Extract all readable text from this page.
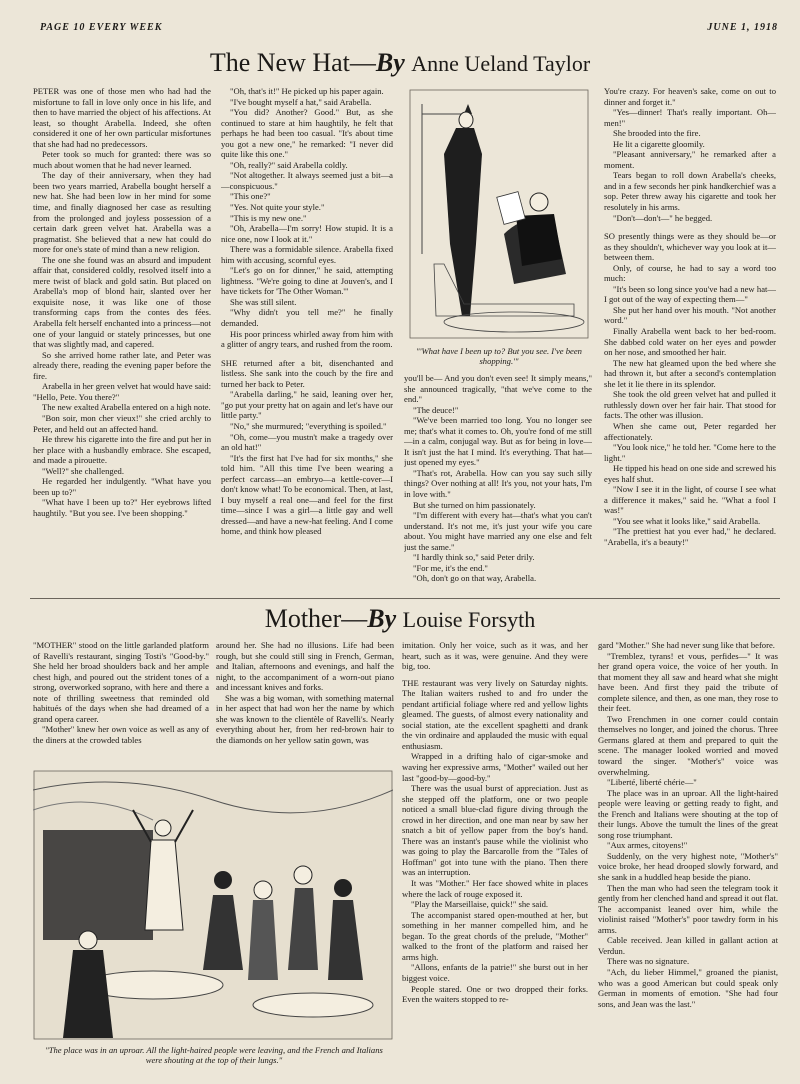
PAGE 10 EVERY WEEK	JUNE 1, 1918
The New Hat—By Anne Ueland Taylor

PETER was one of those men who had had the misfortune to fall in love only once in his life, and then to have married the object of his affections. At least, so thought Arabella. Indeed, she often considered it one of her own particular misfortunes that she had had no predecessors.

Peter took so much for granted: there was so much about women that he had never learned.

The day of their anniversary, when they had been two years married, Arabella bought herself a new hat. She had been low in her mind for some time, and finally diagnosed her case as resulting from the prolonged and joyless possession of a certain dark green velvet hat. Arabella was a pragmatist. She believed that a new hat could do more for one's state of mind than a new religion.

The one she found was an absurd and impudent affair that, considered coldly, resolved itself into a mere twist of black and gold satin. But placed on Arabella's mop of blond hair, slanted over her exquisite nose, it was like one of those transforming caps from the contes des fées. Arabella felt herself enchanted into a princess—not one of your languid or stately princesses, but one that was slightly mad, and capered.

So she arrived home rather late, and Peter was already there, reading the evening paper before the fire.

Arabella in her green velvet hat would have said: "Hello, Pete. You there?"

The new exalted Arabella entered on a high note.

"Bon soir, mon cher vieux!" she cried archly to Peter, and held out an affected hand.

He threw his cigarette into the fire and put her in her place with a husbandly embrace. She escaped, and made a pirouette.

"Well?" she challenged.

He regarded her indulgently. "What have you been up to?"

"What have I been up to?" Her eyebrows lifted haughtily. "But you see. I've been shopping."

"Oh, that's it!" He picked up his paper again.

"I've bought myself a hat," said Arabella.

"You did? Another? Good." But, as she continued to stare at him haughtily, he felt that perhaps he had been too casual. "It's about time you got a new one," he remarked: "I never did quite like this one."

"Oh, really?" said Arabella coldly.

"Not altogether. It always seemed just a bit—a—conspicuous."

"This one?"

"Yes. Not quite your style."

"This is my new one."

"Oh, Arabella—I'm sorry! How stupid. It is a nice one, now I look at it."

There was a formidable silence. Arabella fixed him with accusing, scornful eyes.

"Let's go on for dinner," he said, attempting lightness. "We're going to dine at Jouven's, and I have tickets for 'The Other Woman.'"

She was still silent.

"Why didn't you tell me?" he finally demanded.

His poor princess whirled away from him with a glitter of angry tears, and rushed from the room.

SHE returned after a bit, disenchanted and listless. She sank into the couch by the fire and turned her back to Peter.

"Arabella darling," he said, leaning over her, "go put your pretty hat on again and let's have our little party."

"No," she murmured; "everything is spoiled."

"Oh, come—you mustn't make a tragedy over an old hat!"

"It's the first hat I've had for six months," she told him. "All this time I've been wearing a perfect carcass—an embryo—a kettle-cover—I don't know what! To be economical. Then, at last, I buy myself a real one—and feel for the first time—since I was a girl—a little gay and well dressed—and have a new-hat feeling. And I come home, and think how pleased

"'What have I been up to? But you see. I've been shopping.'"

you'll be— And you don't even see! It simply means," she announced tragically, "that we've come to the end."

"The deuce!"

"We've been married too long. You no longer see me; that's what it comes to. Oh, you're fond of me still—in a calm, conjugal way. But as for being in love—It isn't just the hat I mind. It's everything. That hat—just opened my eyes."

"That's rot, Arabella. How can you say such silly things? Over nothing at all! It's you, not your hats, I'm in love with."

But she turned on him passionately.

"I'm different with every hat—that's what you can't understand. It's not me, it's just your wife you care about. You might have married any one else and felt just the same."

"I hardly think so," said Peter drily.

"For me, it's the end."

"Oh, don't go on that way, Arabella.

You're crazy. For heaven's sake, come on out to dinner and forget it."

"Yes—dinner! That's really important. Oh—men!"

She brooded into the fire.

He lit a cigarette gloomily.

"Pleasant anniversary," he remarked after a moment.

Tears began to roll down Arabella's cheeks, and in a few seconds her pink handkerchief was a sop. Peter threw away his cigarette and took her resolutely in his arms.

"Don't—don't—" he begged.

SO presently things were as they should be—or as they shouldn't, whichever way you look at it—between them.

Only, of course, he had to say a word too much:

"It's been so long since you've had a new hat—I got out of the way of expecting them—"

She put her hand over his mouth. "Not another word."

Finally Arabella went back to her bed-room. She dabbed cold water on her eyes and powder on her nose, and smoothed her hair.

The new hat gleamed upon the bed where she had thrown it, but after a second's contemplation she let it lie there in its splendor.

She took the old green velvet hat and pulled it ruthlessly down over her fair hair. That stood for facts. The other was illusion.

When she came out, Peter regarded her affectionately.

"You look nice," he told her. "Come here to the light."

He tipped his head on one side and screwed his eyes half shut.

"Now I see it in the light, of course I see what a difference it makes," said he. "What a fool I was!"

"You see what it looks like," said Arabella.

"The prettiest hat you ever had," he declared. "Arabella, it's a beauty!"

Mother—By Louise Forsyth

"MOTHER" stood on the little garlanded platform of Ravelli's restaurant, singing Tosti's "Good-by." She held her broad shoulders back and her ample chest high, and poured out the strident tones of a strong, overworked soprano, with here and there a note of thrilling sweetness that reminded old habitués of the days when she had dreamed of a grand opera career.

"Mother" knew her own voice as well as any of the diners at the crowded tables

around her. She had no illusions. Life had been rough, but she could still sing in French, German, and Italian, afternoons and evenings, and half the night, to the accompaniment of a worn-out piano and incessant knives and forks.

She was a big woman, with something maternal in her aspect that had won her the name by which she was known to the clientèle of Ravelli's. Nearly everything about her, from her red-brown hair to the diamonds on her yellow satin gown, was

"The place was in an uproar. All the light-haired people were leaving, and the French and Italians were shouting at the top of their lungs."

imitation. Only her voice, such as it was, and her heart, such as it was, were genuine. And they were big, too.

THE restaurant was very lively on Saturday nights. The Italian waiters rushed to and fro under the pendant artificial foliage where red and yellow lights gleamed. The guests, of almost every nationality and social station, ate the excellent spaghetti and drank the vin ordinaire and applauded the music with equal enthusiasm.

Wrapped in a drifting halo of cigar-smoke and waving her expressive arms, "Mother" wailed out her last "good-by—good-by."

There was the usual burst of appreciation. Just as she stepped off the platform, one or two people noticed a small blue-clad figure diving through the crowd in her direction, and one man near by saw her snatch a bit of yellow paper from the boy's hand. There was an instant's pause while the violinist who was going to play the Barcarolle from the "Tales of Hoffman" got into tune with the piano. Then there was an interruption.

It was "Mother." Her face showed white in places where the lack of rouge exposed it.

"Play the Marseillaise, quick!" she said.

The accompanist stared open-mouthed at her, but something in her manner compelled him, and he began. To the great chords of the prelude, "Mother" walked to the front of the platform and raised her arms high.

"Allons, enfants de la patrie!" she burst out in her biggest voice.

People stared. One or two dropped their forks. Even the waiters stopped to re-

gard "Mother." She had never sung like that before.

"Tremblez, tyrans! et vous, perfides—" It was her grand opera voice, the voice of her youth. In that moment they all saw and heard what she might have been. And first they paid the tribute of complete silence, and then, as one man, they rose to their feet.

Two Frenchmen in one corner could contain themselves no longer, and joined the chorus. Three Germans glared at them and prepared to quit the scene. The manager looked worried and moved toward the singer. "Mother's" voice was overwhelming.

"Liberté, liberté chérie—"

The place was in an uproar. All the light-haired people were leaving or getting ready to fight, and the French and Italians were shouting at the top of their lungs. Above the tumult the lines of the great song rose triumphant.

"Aux armes, citoyens!"

Suddenly, on the very highest note, "Mother's" voice broke, her head drooped slowly forward, and she sank in a huddled heap beside the piano.

Then the man who had seen the telegram took it gently from her clenched hand and spread it out flat. The accompanist leaned over him, while the violinist raised "Mother's" poor tawdry form in his arms.

Cable received. Jean killed in gallant action at Verdun.

There was no signature.

"Ach, du lieber Himmel," groaned the pianist, who was a good American but could speak only German in moments of emotion. "She had four sons, and Jean was the last."
